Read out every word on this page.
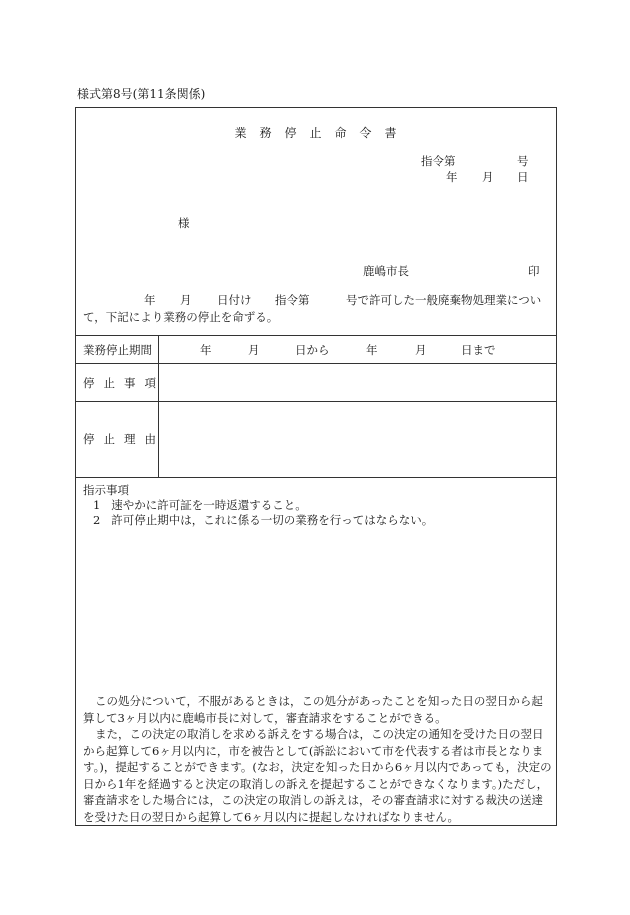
様式第8号(第11条関係)
業 務 停 止 命 令 書
指令第	号
年 月 日
様
鹿嶋市長	印
年 月 日付け 指令第	号で許可した一般廃棄物処理業につい
て，下記により業務の停止を命ずる。
業務停止期間	年	月	日から	年	月	日まで
停 止 事 項
停 止 理 由
指示事項
1 速やかに許可証を一時返還すること。
2 許可停止期中は，これに係る一切の業務を行ってはならない。

この処分について，不服があるときは，この処分があったことを知った日の翌日から起算して3ヶ月以内に鹿嶋市長に対して，審査請求をすることができる。

また，この決定の取消しを求める訴えをする場合は，この決定の通知を受けた日の翌日から起算して6ヶ月以内に，市を被告として(訴訟において市を代表する者は市長となります。)，提起することができます。(なお，決定を知った日から6ヶ月以内であっても，決定の日から1年を経過すると決定の取消しの訴えを提起することができなくなります。)ただし，審査請求をした場合には，この決定の取消しの訴えは，その審査請求に対する裁決の送達を受けた日の翌日から起算して6ヶ月以内に提起しなければなりません。
